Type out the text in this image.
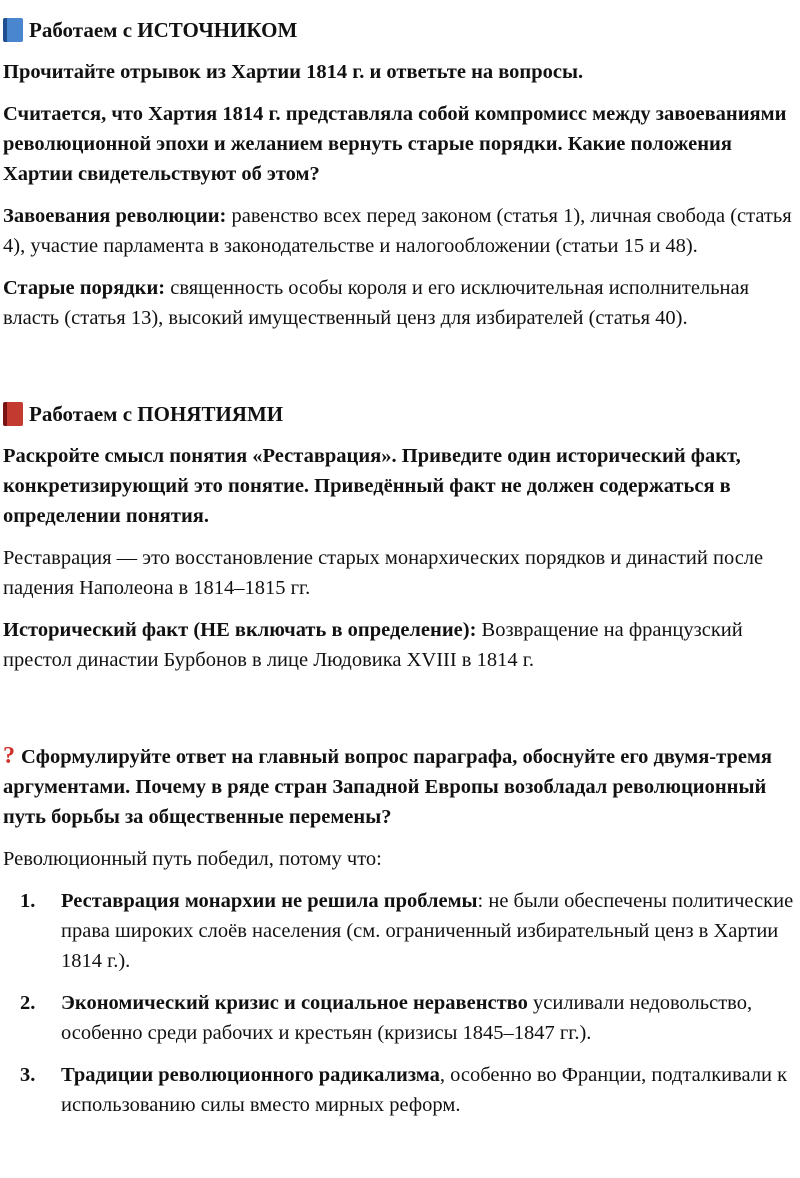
Работаем с ИСТОЧНИКОМ

Прочитайте отрывок из Хартии 1814 г. и ответьте на вопросы.

Считается, что Хартия 1814 г. представляла собой компромисс между завоеваниями революционной эпохи и желанием вернуть старые порядки. Какие положения Хартии свидетельствуют об этом?

Завоевания революции: равенство всех перед законом (статья 1), личная свобода (статья 4), участие парламента в законодательстве и налогообложении (статьи 15 и 48).

Старые порядки: священность особы короля и его исключительная исполнительная власть (статья 13), высокий имущественный ценз для избирателей (статья 40).

Работаем с ПОНЯТИЯМИ

Раскройте смысл понятия «Реставрация». Приведите один исторический факт, конкретизирующий это понятие. Приведённый факт не должен содержаться в определении понятия.

Реставрация — это восстановление старых монархических порядков и династий после падения Наполеона в 1814–1815 гг.

Исторический факт (НЕ включать в определение): Возвращение на французский престол династии Бурбонов в лице Людовика XVIII в 1814 г.

? Сформулируйте ответ на главный вопрос параграфа, обоснуйте его двумя-тремя аргументами. Почему в ряде стран Западной Европы возобладал революционный путь борьбы за общественные перемены?

Революционный путь победил, потому что:

1.	Реставрация монархии не решила проблемы: не были обеспечены политические права широких слоёв населения (см. ограниченный избирательный ценз в Хартии 1814 г.).
2.	Экономический кризис и социальное неравенство усиливали недовольство, особенно среди рабочих и крестьян (кризисы 1845–1847 гг.).
3.	Традиции революционного радикализма, особенно во Франции, подталкивали к использованию силы вместо мирных реформ.
